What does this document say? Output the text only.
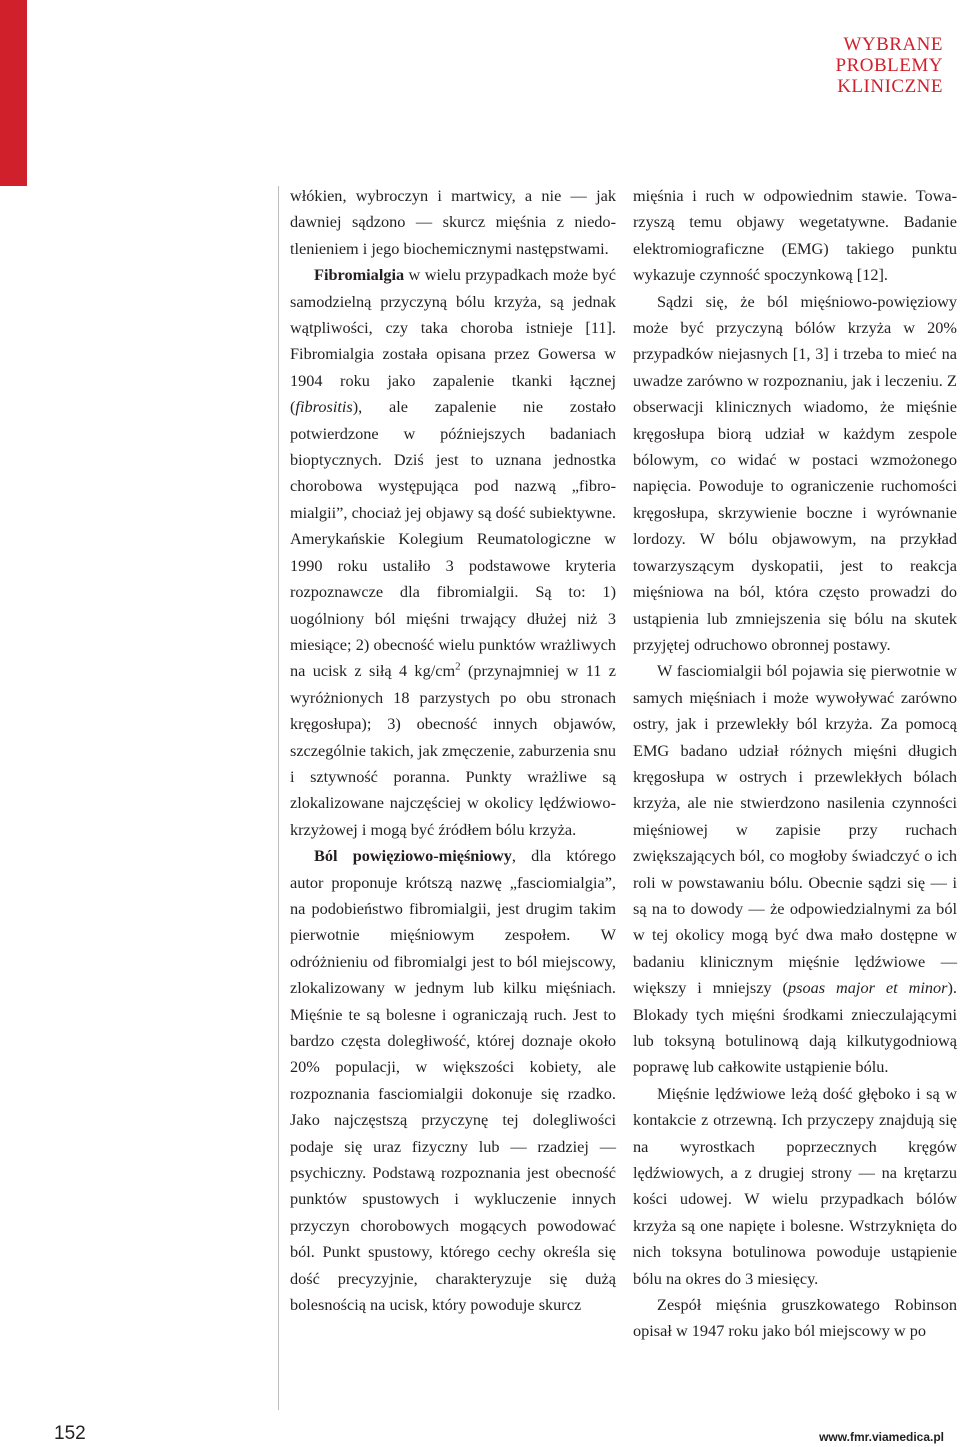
WYBRANE
PROBLEMY
KLINICZNE

włókien, wybroczyn i martwicy, a nie — jak dawniej sądzono — skurcz mięśnia z niedotlenieniem i jego biochemicznymi następstwami.

Fibromialgia w wielu przypadkach może być samodzielną przyczyną bólu krzyża, są jednak wątpliwości, czy taka choroba istnieje [11]. Fibromialgia została opisana przez Gowersa w 1904 roku jako zapalenie tkanki łącznej (fibrositis), ale zapalenie nie zostało potwierdzone w późniejszych badaniach bioptycznych. Dziś jest to uznana jednostka chorobowa występująca pod nazwą „fibromialgii”, chociaż jej objawy są dość subiektywne. Amerykańskie Kolegium Reumatologiczne w 1990 roku ustaliło 3 podstawowe kryteria rozpoznawcze dla fibromialgii. Są to: 1) uogólniony ból mięśni trwający dłużej niż 3 miesiące; 2) obecność wielu punktów wrażliwych na ucisk z siłą 4 $kg/cm^2$ (przynajmniej w 11 z wyróżnionych 18 parzystych po obu stronach kręgosłupa); 3) obecność innych objawów, szczególnie takich, jak zmęczenie, zaburzenia snu i sztywność poranna. Punkty wrażliwe są zlokalizowane najczęściej w okolicy lędźwiowo-krzyżowej i mogą być źródłem bólu krzyża.

Ból powięziowo-mięśniowy, dla którego autor proponuje krótszą nazwę „fasciomialgia”, na podobieństwo fibromialgii, jest drugim takim pierwotnie mięśniowym zespołem. W odróżnieniu od fibromialgi jest to ból miejscowy, zlokalizowany w jednym lub kilku mięśniach. Mięśnie te są bolesne i ograniczają ruch. Jest to bardzo częsta doległiwość, której doznaje około 20% populacji, w większości kobiety, ale rozpoznania fasciomialgii dokonuje się rzadko. Jako najczęstszą przyczynę tej dolegliwości podaje się uraz fizyczny lub — rzadziej — psychiczny. Podstawą rozpoznania jest obecność punktów spustowych i wykluczenie innych przyczyn chorobowych mogących powodować ból. Punkt spustowy, którego cechy określa się dość precyzyjnie, charakteryzuje się dużą bolesnością na ucisk, który powoduje skurcz

mięśnia i ruch w odpowiednim stawie. Towarzyszą temu objawy wegetatywne. Badanie elektromiograficzne (EMG) takiego punktu wykazuje czynność spoczynkową [12].

Sądzi się, że ból mięśniowo-powięziowy może być przyczyną bólów krzyża w 20% przypadków niejasnych [1, 3] i trzeba to mieć na uwadze zarówno w rozpoznaniu, jak i leczeniu. Z obserwacji klinicznych wiadomo, że mięśnie kręgosłupa biorą udział w każdym zespole bólowym, co widać w postaci wzmożonego napięcia. Powoduje to ograniczenie ruchomości kręgosłupa, skrzywienie boczne i wyrównanie lordozy. W bólu objawowym, na przykład towarzyszącym dyskopatii, jest to reakcja mięśniowa na ból, która często prowadzi do ustąpienia lub zmniejszenia się bólu na skutek przyjętej odruchowo obronnej postawy.

W fasciomialgii ból pojawia się pierwotnie w samych mięśniach i może wywoływać zarówno ostry, jak i przewlekły ból krzyża. Za pomocą EMG badano udział różnych mięśni długich kręgosłupa w ostrych i przewlekłych bólach krzyża, ale nie stwierdzono nasilenia czynności mięśniowej w zapisie przy ruchach zwiększających ból, co mogłoby świadczyć o ich roli w powstawaniu bólu. Obecnie sądzi się — i są na to dowody — że odpowiedzialnymi za ból w tej okolicy mogą być dwa mało dostępne w badaniu klinicznym mięśnie lędźwiowe — większy i mniejszy (psoas major et minor). Blokady tych mięśni środkami znieczulającymi lub toksyną botulinową dają kilkutygodniową poprawę lub całkowite ustąpienie bólu.

Mięśnie lędźwiowe leżą dość głęboko i są w kontakcie z otrzewną. Ich przyczepy znajdują się na wyrostkach poprzecznych kręgów lędźwiowych, a z drugiej strony — na krętarzu kości udowej. W wielu przypadkach bólów krzyża są one napięte i bolesne. Wstrzyknięta do nich toksyna botulinowa powoduje ustąpienie bólu na okres do 3 miesięcy.

Zespół mięśnia gruszkowatego Robinson opisał w 1947 roku jako ból miejscowy w po

152	www.fmr.viamedica.pl
